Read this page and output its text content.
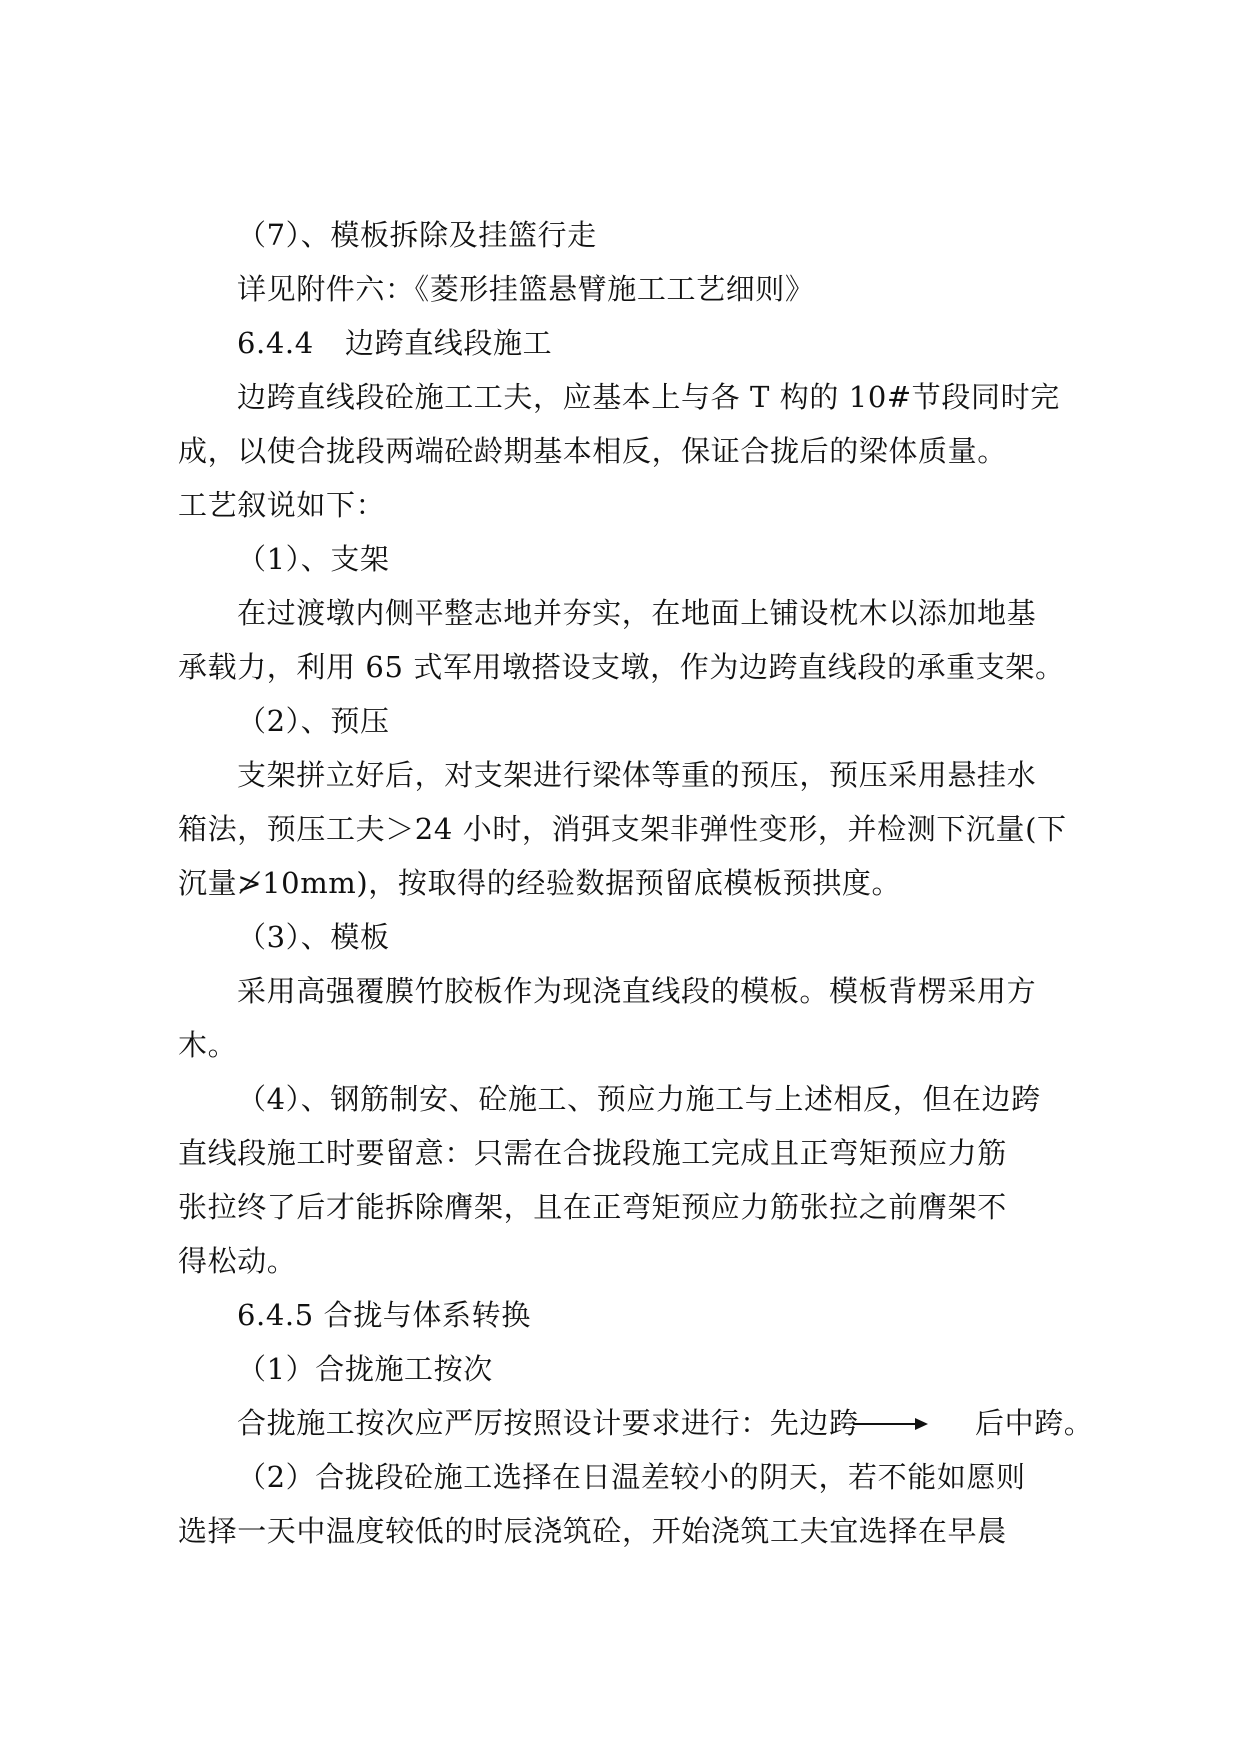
（7）、模板拆除及挂篮行走
详见附件六：《菱形挂篮悬臂施工工艺细则》
6.4.4 边跨直线段施工
边跨直线段砼施工工夫，应基本上与各 T 构的 10#节段同时完
成，以使合拢段两端砼龄期基本相反，保证合拢后的梁体质量。
工艺叙说如下：
（1）、支架
在过渡墩内侧平整志地并夯实，在地面上铺设枕木以添加地基
承载力，利用 65 式军用墩搭设支墩，作为边跨直线段的承重支架。
（2）、预压
支架拼立好后，对支架进行梁体等重的预压，预压采用悬挂水
箱法，预压工夫＞24 小时，消弭支架非弹性变形，并检测下沉量(下
沉量≯10mm)，按取得的经验数据预留底模板预拱度。
（3）、模板
采用高强覆膜竹胶板作为现浇直线段的模板。模板背楞采用方
木。
（4）、钢筋制安、砼施工、预应力施工与上述相反，但在边跨
直线段施工时要留意：只需在合拢段施工完成且正弯矩预应力筋
张拉终了后才能拆除膺架，且在正弯矩预应力筋张拉之前膺架不
得松动。
6.4.5 合拢与体系转换
（1）合拢施工按次
合拢施工按次应严厉按照设计要求进行：先边跨	后中跨。
（2）合拢段砼施工选择在日温差较小的阴天，若不能如愿则
选择一天中温度较低的时辰浇筑砼，开始浇筑工夫宜选择在早晨
